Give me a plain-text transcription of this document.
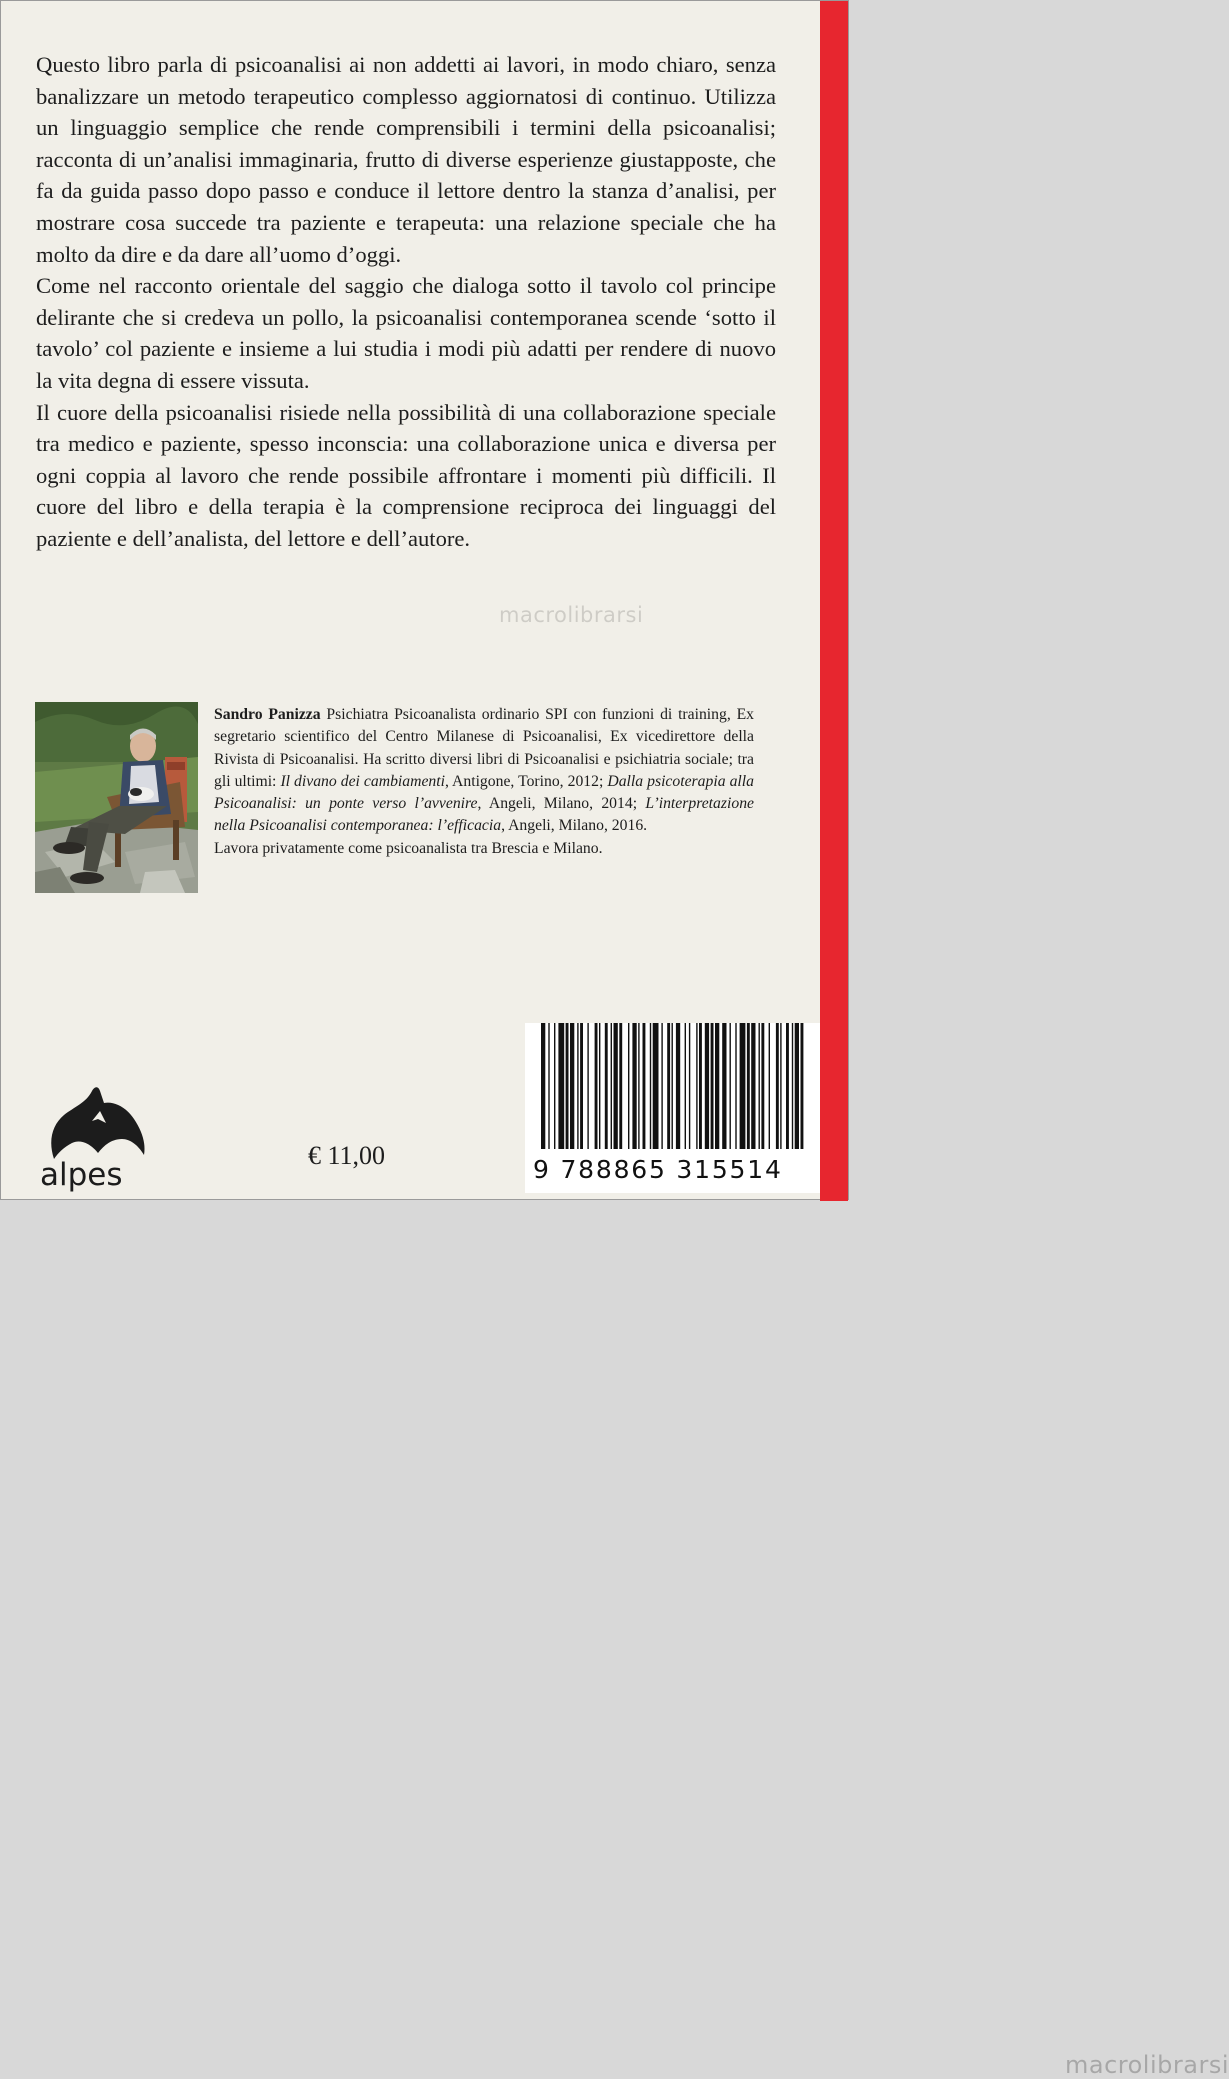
Questo libro parla di psicoanalisi ai non addetti ai lavori, in modo chiaro, senza banalizzare un metodo terapeutico complesso aggiornatosi di continuo. Utilizza un linguaggio semplice che rende comprensibili i termini della psicoanalisi; racconta di un’analisi immaginaria, frutto di diverse esperienze giustapposte, che fa da guida passo dopo passo e conduce il lettore dentro la stanza d’analisi, per mostrare cosa succede tra paziente e terapeuta: una relazione speciale che ha molto da dire e da dare all’uomo d’oggi.

Come nel racconto orientale del saggio che dialoga sotto il tavolo col principe delirante che si credeva un pollo, la psicoanalisi contemporanea scende ‘sotto il tavolo’ col paziente e insieme a lui studia i modi più adatti per rendere di nuovo la vita degna di essere vissuta.

Il cuore della psicoanalisi risiede nella possibilità di una collaborazione speciale tra medico e paziente, spesso inconscia: una collaborazione unica e diversa per ogni coppia al lavoro che rende possibile affrontare i momenti più difficili. Il cuore del libro e della terapia è la comprensione reciproca dei linguaggi del paziente e dell’analista, del lettore e dell’autore.

macrolibrarsi

Sandro Panizza Psichiatra Psicoanalista ordinario SPI con funzioni di training, Ex segretario scientifico del Centro Milanese di Psicoanalisi, Ex vicedirettore della Rivista di Psicoanalisi. Ha scritto diversi libri di Psicoanalisi e psichiatria sociale; tra gli ultimi: Il divano dei cambiamenti, Antigone, Torino, 2012; Dalla psicoterapia alla Psicoanalisi: un ponte verso l’avvenire, Angeli, Milano, 2014; L’interpretazione nella Psicoanalisi contemporanea: l’efficacia, Angeli, Milano, 2016.

Lavora privatamente come psicoanalista tra Brescia e Milano.

alpes
€ 11,00
macrolibrarsi
9 788865 315514
